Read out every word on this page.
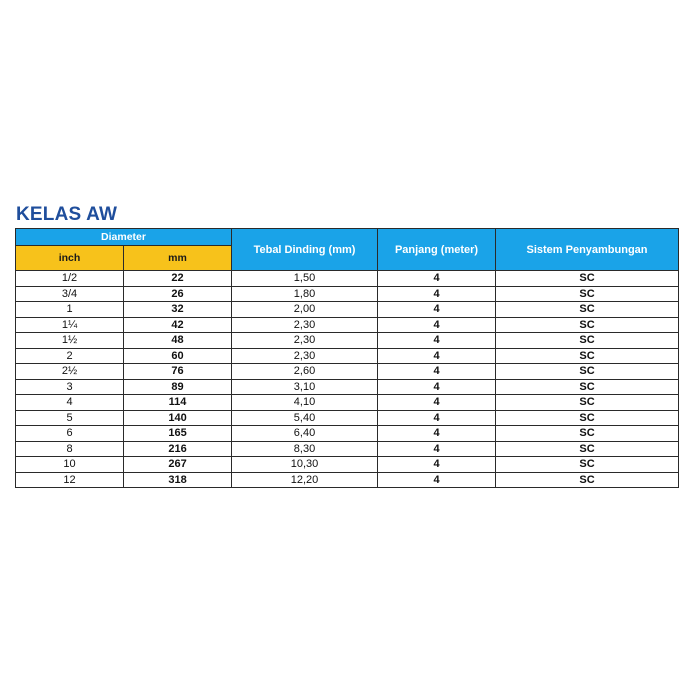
KELAS AW
Diameter		Tebal Dinding (mm)	Panjang (meter)	Sistem Penyambungan
inch	mm			
1/2	22	1,50	4	SC
3/4	26	1,80	4	SC
1	32	2,00	4	SC
1¼	42	2,30	4	SC
1½	48	2,30	4	SC
2	60	2,30	4	SC
2½	76	2,60	4	SC
3	89	3,10	4	SC
4	114	4,10	4	SC
5	140	5,40	4	SC
6	165	6,40	4	SC
8	216	8,30	4	SC
10	267	10,30	4	SC
12	318	12,20	4	SC
